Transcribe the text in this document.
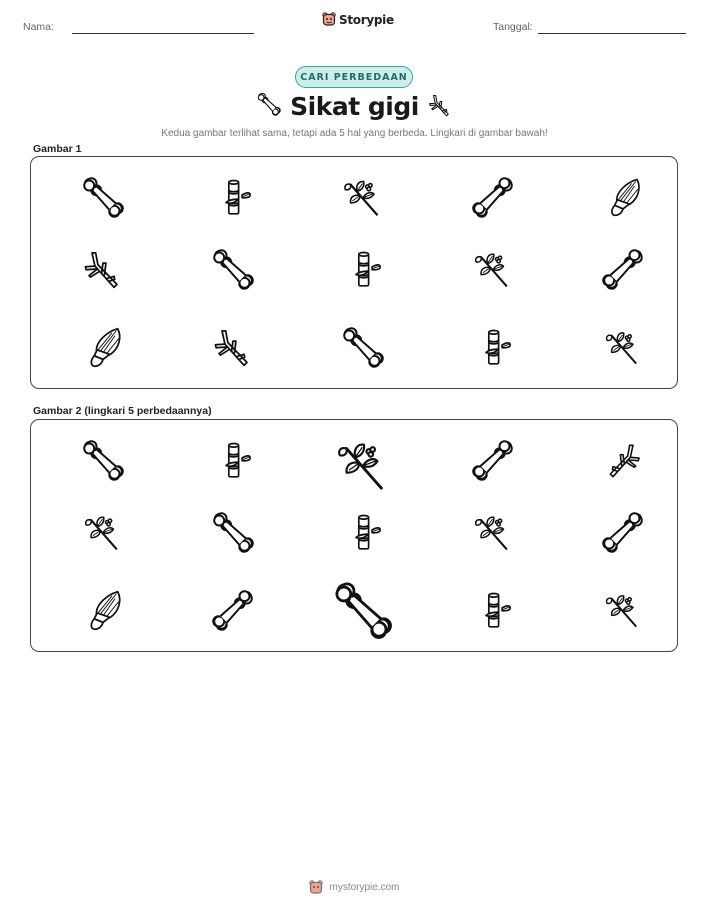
Nama:
Storypie
Tanggal:
CARI PERBEDAAN
Sikat gigi
Kedua gambar terlihat sama, tetapi ada 5 hal yang berbeda. Lingkari di gambar bawah!
Gambar 1
Gambar 2 (lingkari 5 perbedaannya)
mystorypie.com
